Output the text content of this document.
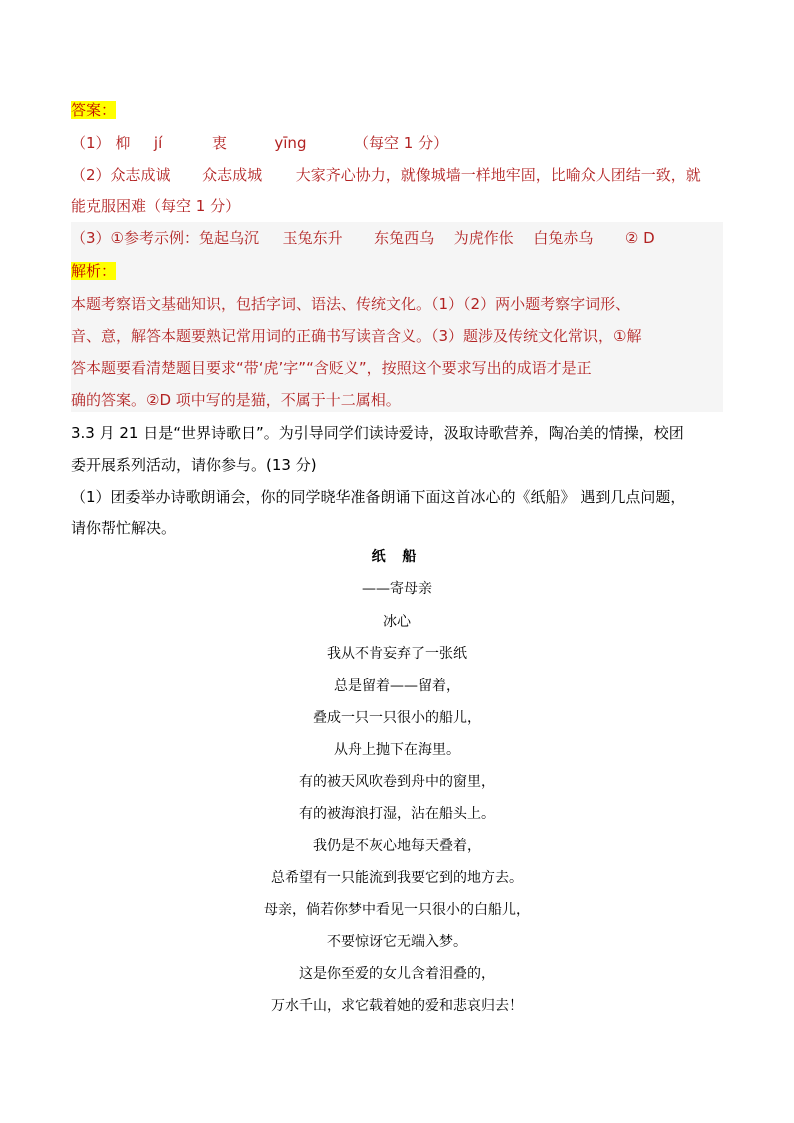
答案：
（1） 枊 jí	衷	yīng	（每空 1 分）
（2）众志成诚 众志成城 大家齐心协力，就像城墙一样地牢固，比喻众人团结一致，就
能克服困难（每空 1 分）
（3）①参考示例：兔起乌沉 玉兔东升 东兔西乌 为虎作伥 白兔赤乌 ② D
解析：
本题考察语文基础知识，包括字词、语法、传统文化。（1）（2）两小题考察字词形、
音、意，解答本题要熟记常用词的正确书写读音含义。（3）题涉及传统文化常识，①解
答本题要看清楚题目要求“带‘虎’字”“含贬义”，按照这个要求写出的成语才是正
确的答案。②D 项中写的是猫，不属于十二属相。
3.3 月 21 日是“世界诗歌日”。为引导同学们读诗爱诗，汲取诗歌营养，陶冶美的情操，校团
委开展系列活动，请你参与。(13 分)
（1）团委举办诗歌朗诵会，你的同学晓华准备朗诵下面这首冰心的《纸船》 遇到几点问题，
请你帮忙解决。
纸 船
——寄母亲
冰心
我从不肯妄弃了一张纸
总是留着——留着，
叠成一只一只很小的船儿，
从舟上抛下在海里。
有的被天风吹卷到舟中的窗里，
有的被海浪打湿，沾在船头上。
我仍是不灰心地每天叠着，
总希望有一只能流到我要它到的地方去。
母亲，倘若你梦中看见一只很小的白船儿，
不要惊讶它无端入梦。
这是你至爱的女儿含着泪叠的，
万水千山，求它载着她的爱和悲哀归去！
